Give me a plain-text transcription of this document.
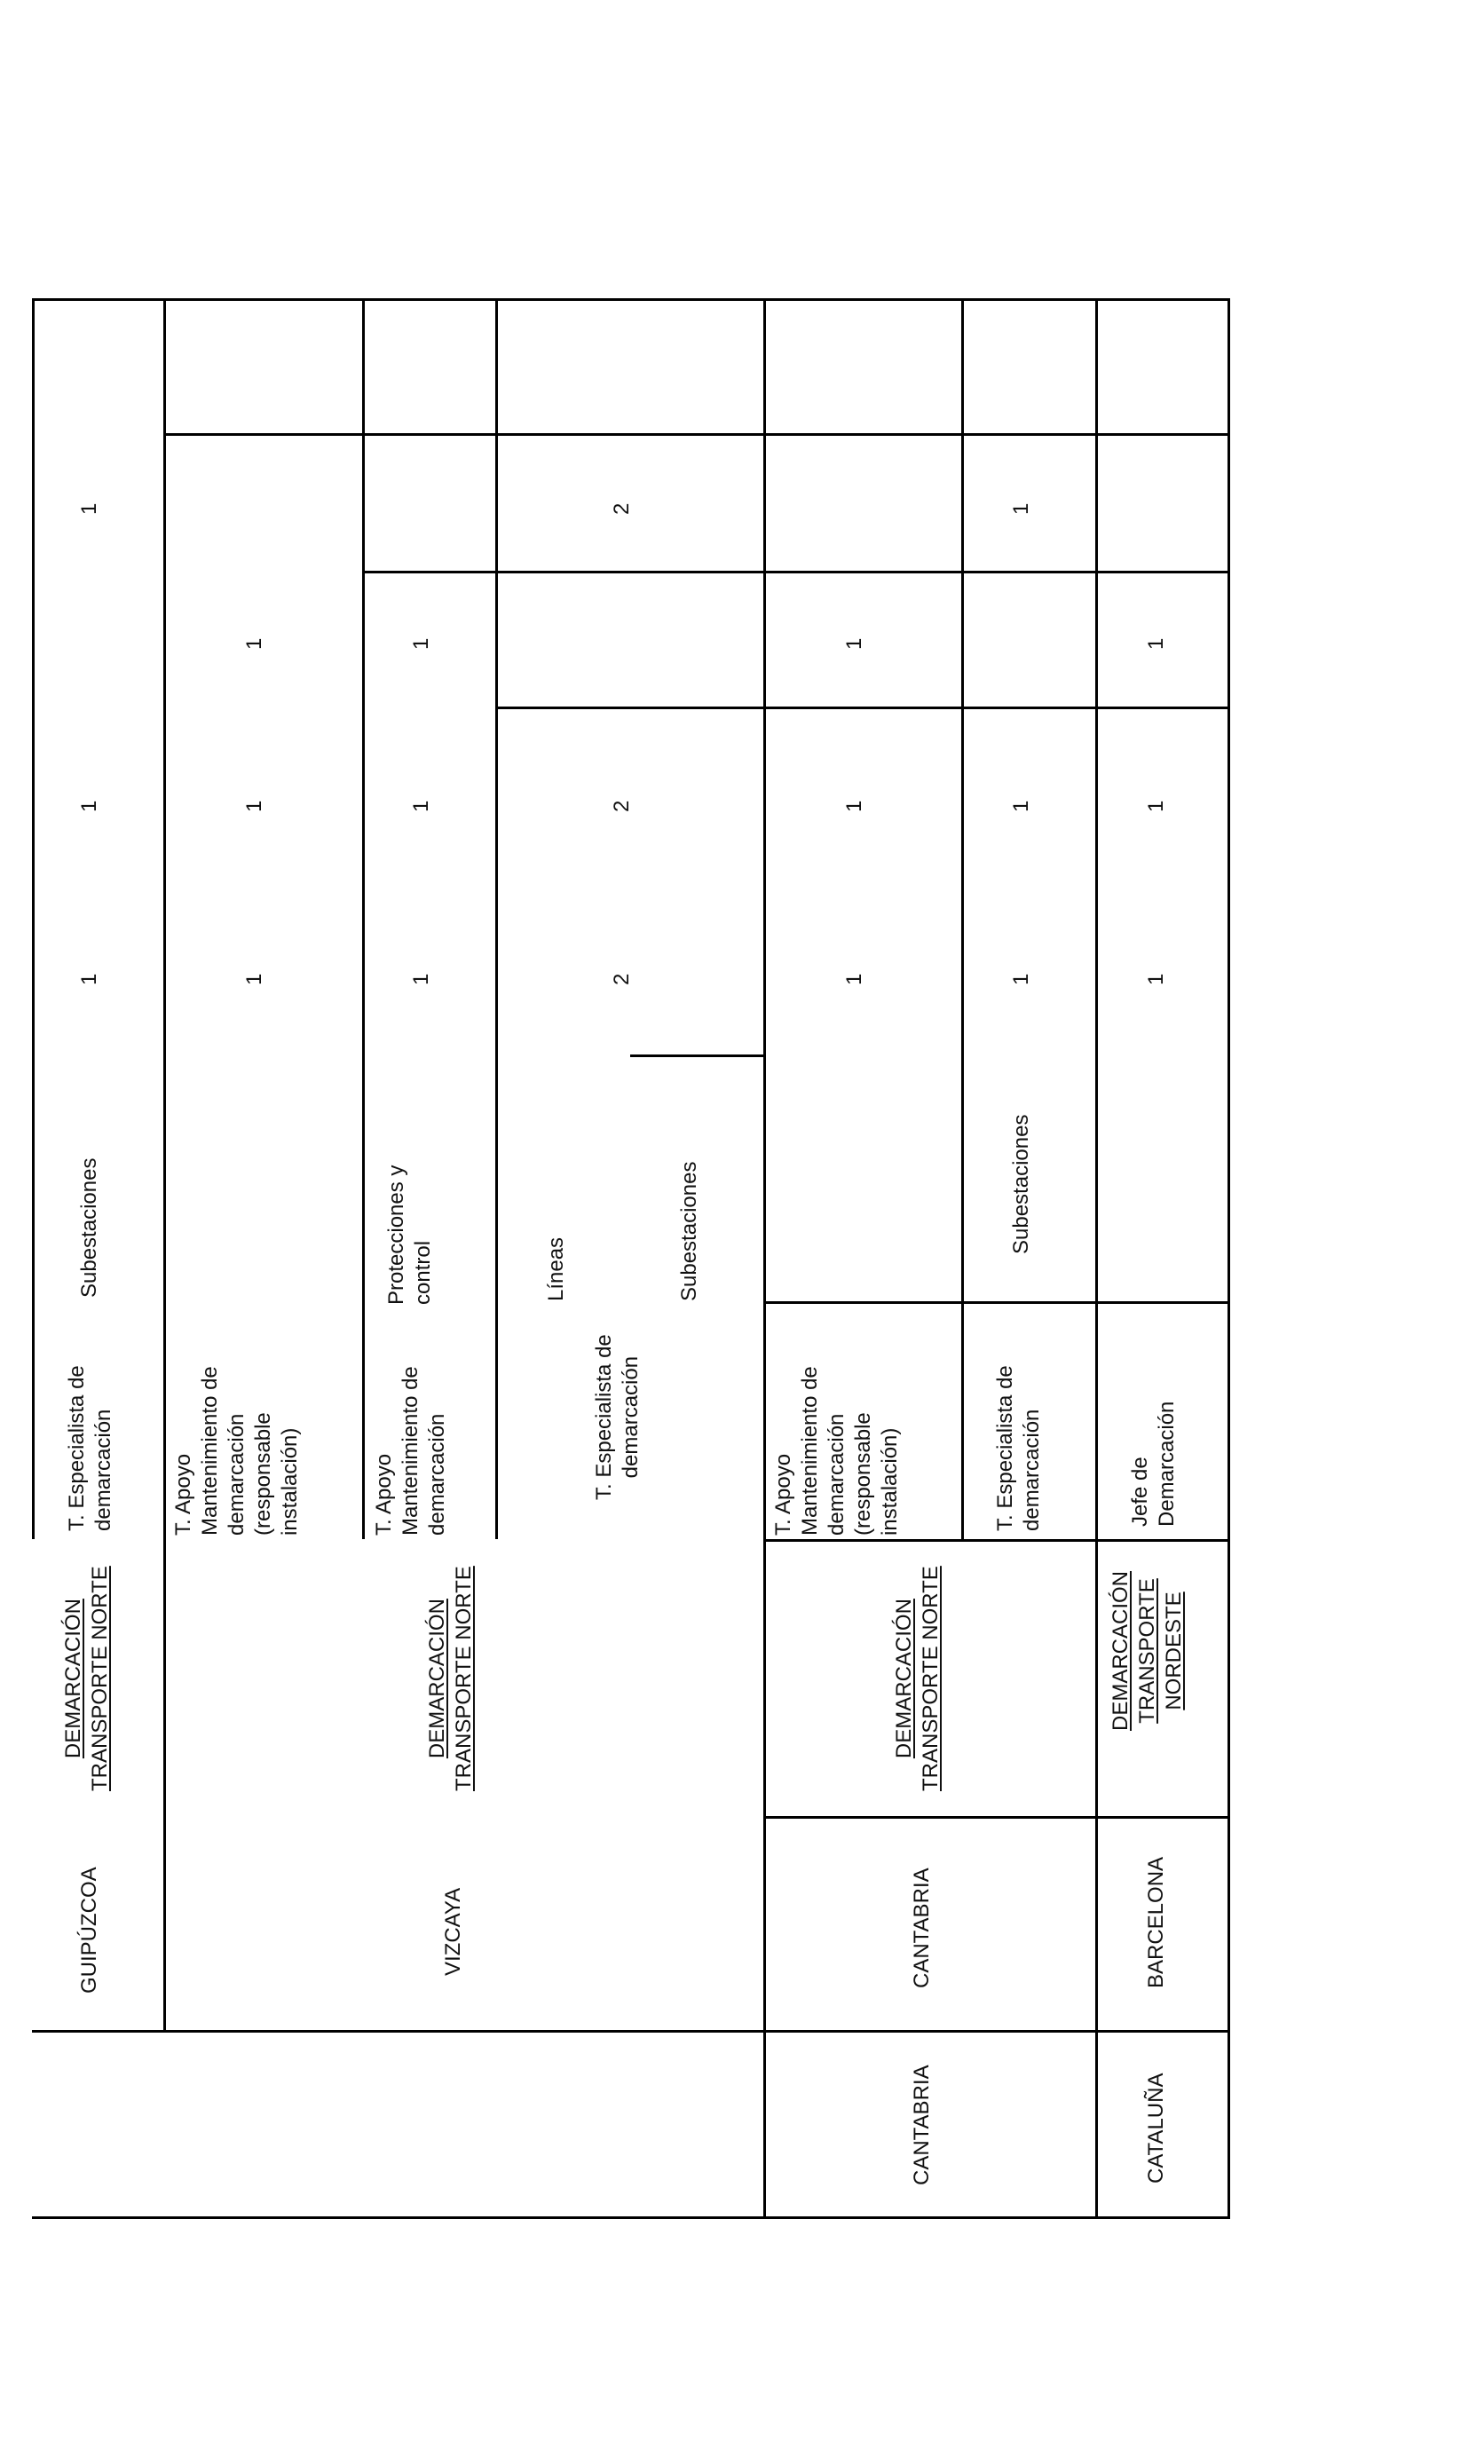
1
1
1
Subestaciones
T. Especialista de demarcación
DEMARCACIÓN TRANSPORTE NORTE
GUIPÚZCOA
1
1
1
T. Apoyo Mantenimiento de demarcación (responsable instalación)
1
1
1
Protecciones y control
T. Apoyo Mantenimiento de demarcación
DEMARCACIÓN TRANSPORTE NORTE
VIZCAYA
2
2
2
Líneas	Subestaciones
T. Especialista de demarcación
1
1
1
T. Apoyo Mantenimiento de demarcación (responsable instalación)
DEMARCACIÓN TRANSPORTE NORTE
CANTABRIA
CANTABRIA
1
1
1
Subestaciones
T. Especialista de demarcación
1
1
1
Jefe de Demarcación
DEMARCACIÓN TRANSPORTE NORDESTE
BARCELONA
CATALUÑA
